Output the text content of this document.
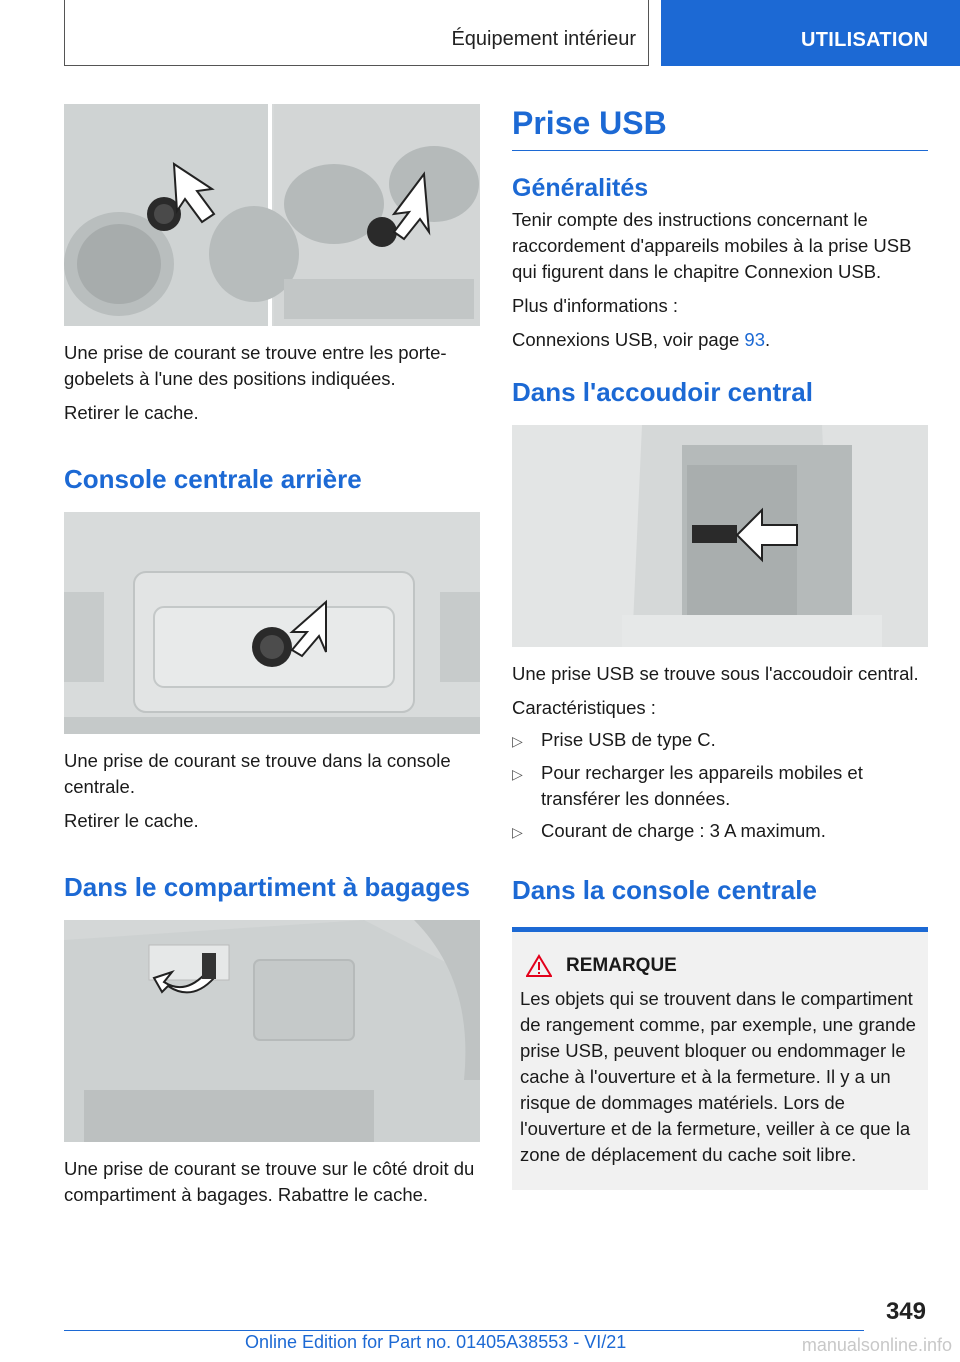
Équipement intérieur	UTILISATION

Une prise de courant se trouve entre les porte-gobelets à l'une des positions indiquées.

Retirer le cache.

Console centrale arrière

Une prise de courant se trouve dans la console centrale.

Retirer le cache.

Dans le compartiment à bagages

Une prise de courant se trouve sur le côté droit du compartiment à bagages. Rabattre le cache.

Prise USB
Généralités

Tenir compte des instructions concernant le raccordement d'appareils mobiles à la prise USB qui figurent dans le chapitre Connexion USB.

Plus d'informations :

Connexions USB, voir page 93.

Dans l'accoudoir central

Une prise USB se trouve sous l'accoudoir central.

Caractéristiques :

▷ Prise USB de type C.
▷ Pour recharger les appareils mobiles et transférer les données.
▷ Courant de charge : 3 A maximum.
Dans la console centrale
REMARQUE

Les objets qui se trouvent dans le compartiment de rangement comme, par exemple, une grande prise USB, peuvent bloquer ou endommager le cache à l'ouverture et à la fermeture. Il y a un risque de dommages matériels. Lors de l'ouverture et de la fermeture, veiller à ce que la zone de déplacement du cache soit libre.

349
Online Edition for Part no. 01405A38553 - VI/21	manualsonline.info
